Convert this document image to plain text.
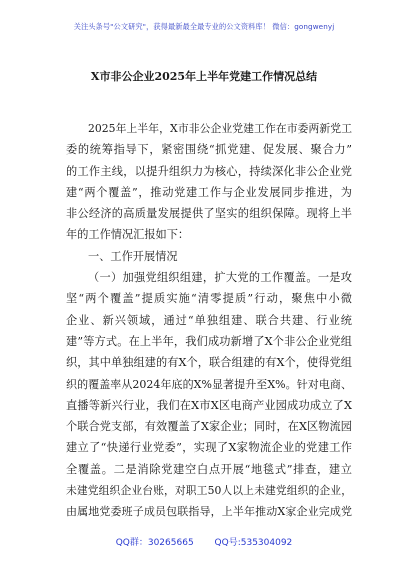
关注头条号"公文研究"，获得最新最全最专业的公文资料库！ 微信：gongwenyj
X市非公企业2025年上半年党建工作情况总结
2025年上半年，X市非公企业党建工作在市委两新党工
委的统筹指导下，紧密围绕“抓党建、促发展、聚合力”
的工作主线，以提升组织力为核心，持续深化非公企业党
建“两个覆盖”，推动党建工作与企业发展同步推进，为
非公经济的高质量发展提供了坚实的组织保障。现将上半
年的工作情况汇报如下：
一、工作开展情况
（一）加强党组织组建，扩大党的工作覆盖。一是攻
坚“两个覆盖”提质实施“清零提质”行动，聚焦中小微
企业、新兴领域，通过“单独组建、联合共建、行业统
建”等方式。在上半年，我们成功新增了X个非公企业党组
织，其中单独组建的有X个，联合组建的有X个，使得党组
织的覆盖率从2024年底的X%显著提升至X%。针对电商、
直播等新兴行业，我们在X市X区电商产业园成功成立了X
个联合党支部，有效覆盖了X家企业；同时，在X区物流园
建立了“快递行业党委”，实现了X家物流企业的党建工作
全覆盖。二是消除党建空白点开展“地毯式”排查，建立
未建党组织企业台账，对职工50人以上未建党组织的企业，
由属地党委班子成员包联指导，上半年推动X家企业完成党
QQ群：30265665 QQ号:535304092
